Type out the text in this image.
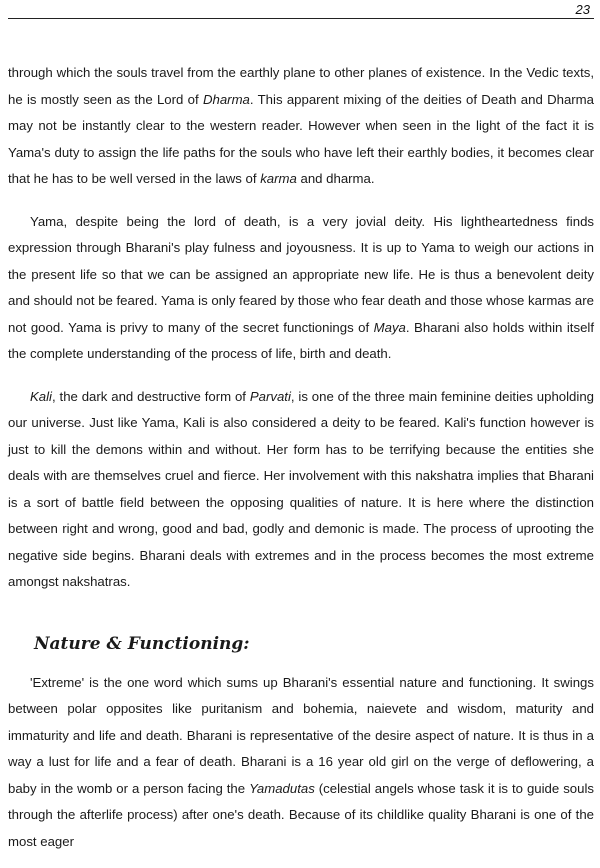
23

through which the souls travel from the earthly plane to other planes of existence. In the Vedic texts, he is mostly seen as the Lord of Dharma. This apparent mixing of the deities of Death and Dharma may not be instantly clear to the western reader. However when seen in the light of the fact it is Yama's duty to assign the life paths for the souls who have left their earthly bodies, it becomes clear that he has to be well versed in the laws of karma and dharma.

Yama, despite being the lord of death, is a very jovial deity. His lightheartedness finds expression through Bharani's play fulness and joyousness. It is up to Yama to weigh our actions in the present life so that we can be assigned an appropriate new life. He is thus a benevolent deity and should not be feared. Yama is only feared by those who fear death and those whose karmas are not good. Yama is privy to many of the secret functionings of Maya. Bharani also holds within itself the complete understanding of the process of life, birth and death.

Kali, the dark and destructive form of Parvati, is one of the three main feminine deities upholding our universe. Just like Yama, Kali is also considered a deity to be feared. Kali's function however is just to kill the demons within and without. Her form has to be terrifying because the entities she deals with are themselves cruel and fierce. Her involvement with this nakshatra implies that Bharani is a sort of battle field between the opposing qualities of nature. It is here where the distinction between right and wrong, good and bad, godly and demonic is made. The process of uprooting the negative side begins. Bharani deals with extremes and in the process becomes the most extreme amongst nakshatras.

Nature & Functioning:

'Extreme' is the one word which sums up Bharani's essential nature and functioning. It swings between polar opposites like puritanism and bohemia, naievete and wisdom, maturity and immaturity and life and death. Bharani is representative of the desire aspect of nature. It is thus in a way a lust for life and a fear of death. Bharani is a 16 year old girl on the verge of deflowering, a baby in the womb or a person facing the Yamadutas (celestial angels whose task it is to guide souls through the afterlife process) after one's death. Because of its childlike quality Bharani is one of the most eager
